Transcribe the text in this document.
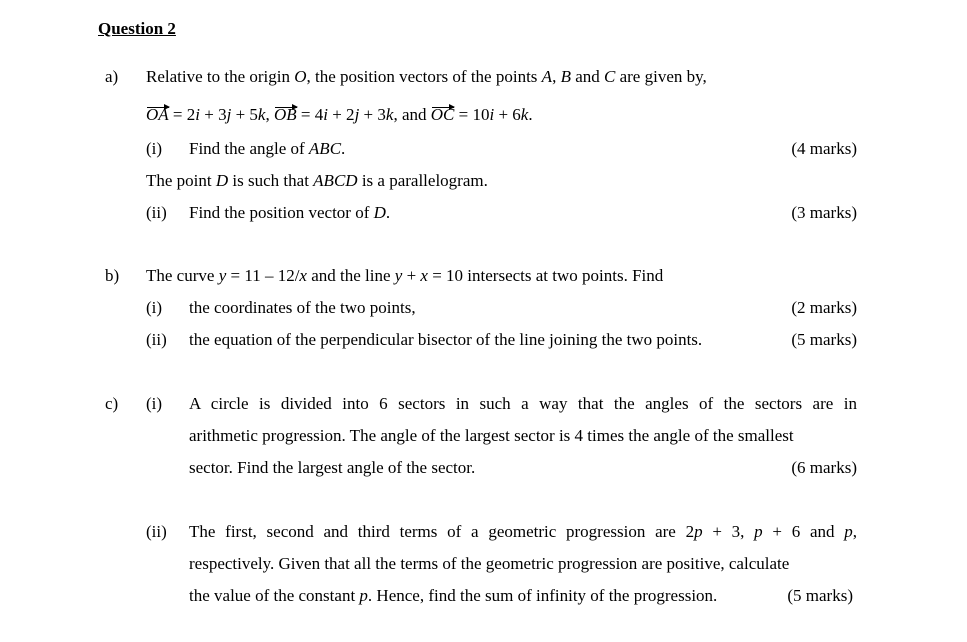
Question 2
a) Relative to the origin O, the position vectors of the points A, B and C are given by,
OA = 2i + 3j + 5k, OB = 4i + 2j + 3k, and OC = 10i + 6k.
(i) Find the angle of ABC.	(4 marks)
The point D is such that ABCD is a parallelogram.
(ii) Find the position vector of D.	(3 marks)
b) The curve y = 11 – 12/x and the line y + x = 10 intersects at two points. Find
(i) the coordinates of the two points,	(2 marks)
(ii) the equation of the perpendicular bisector of the line joining the two points.	(5 marks)
c) (i) A circle is divided into 6 sectors in such a way that the angles of the sectors are in
arithmetic progression. The angle of the largest sector is 4 times the angle of the smallest
sector. Find the largest angle of the sector.	(6 marks)
(ii) The first, second and third terms of a geometric progression are 2p + 3, p + 6 and p,
respectively. Given that all the terms of the geometric progression are positive, calculate
the value of the constant p. Hence, find the sum of infinity of the progression.	(5 marks)
